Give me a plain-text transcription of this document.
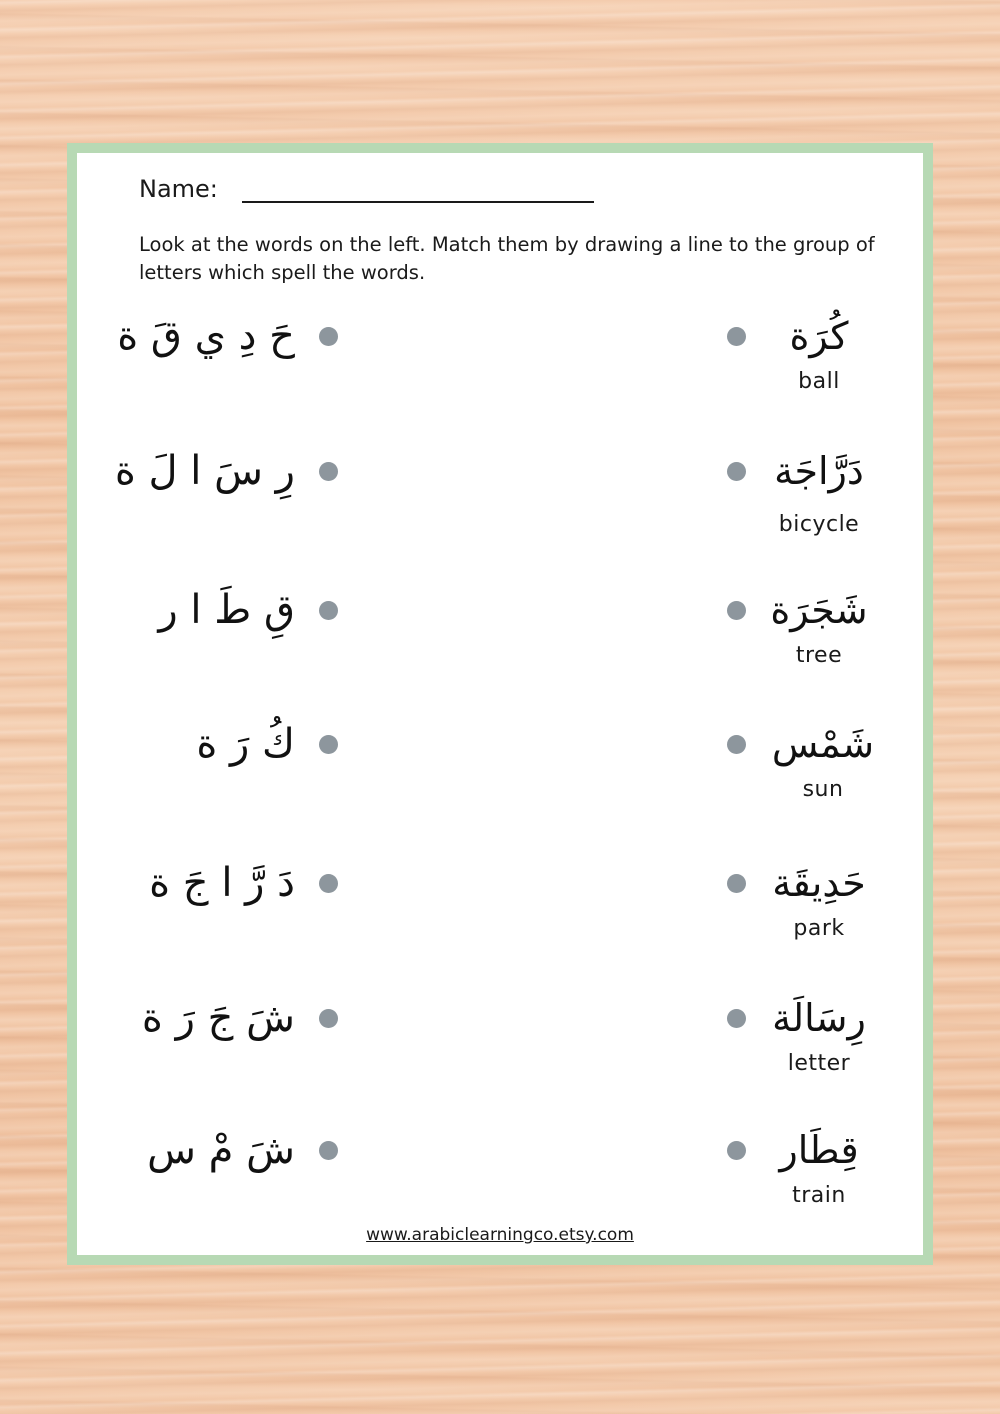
Name:
Look at the words on the left. Match them by drawing a line to the group of letters which spell the words.
حَ دِ ي قَ ة	كُرَة
ball
رِ سَ ا لَ ة	دَرَّاجَة
bicycle
قِ طَ ا ر	شَجَرَة
tree
كُ رَ ة	شَمْس
sun
دَ رَّ ا جَ ة	حَدِيقَة
park
شَ جَ رَ ة	رِسَالَة
letter
شَ مْ س	قِطَار
train
www.arabiclearningco.etsy.com
